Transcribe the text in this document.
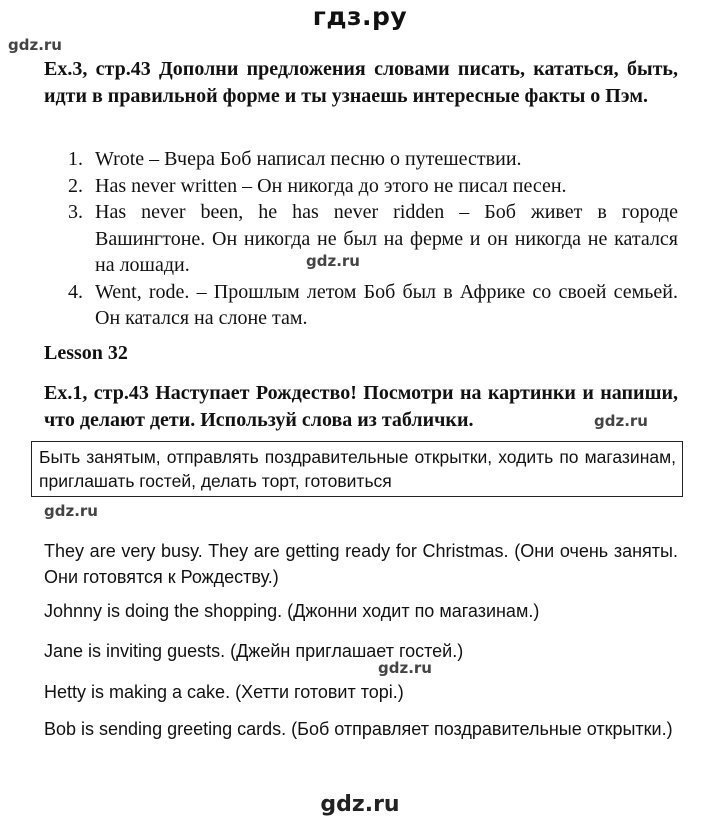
гдз.ру
gdz.ru
Ex.3, стр.43 Дополни предложения словами писать, кататься, быть, идти в правильной форме и ты узнаешь интересные факты о Пэм.
1. Wrote – Вчера Боб написал песню о путешествии.
2. Has never written – Он никогда до этого не писал песен.
3. Has never been, he has never ridden – Боб живет в городе Вашингтоне. Он никогда не был на ферме и он никогда не катался на лошади.
4. Went, rode. – Прошлым летом Боб был в Африке со своей семьей. Он катался на слоне там.
gdz.ru
Lesson 32
Ex.1, стр.43 Наступает Рождество! Посмотри на картинки и напиши, что делают дети. Используй слова из таблички.	gdz.ru
Быть занятым, отправлять поздравительные открытки, ходить по магазинам, приглашать гостей, делать торт, готовиться
gdz.ru

They are very busy. They are getting ready for Christmas. (Они очень заняты. Они готовятся к Рождеству.)

Johnny is doing the shopping. (Джонни ходит по магазинам.)

Jane is inviting guests. (Джейн приглашает гостей.)

gdz.ru

Hetty is making a cake. (Хетти готовит торi.)

Bob is sending greeting cards. (Боб отправляет поздравительные открытки.)

gdz.ru
